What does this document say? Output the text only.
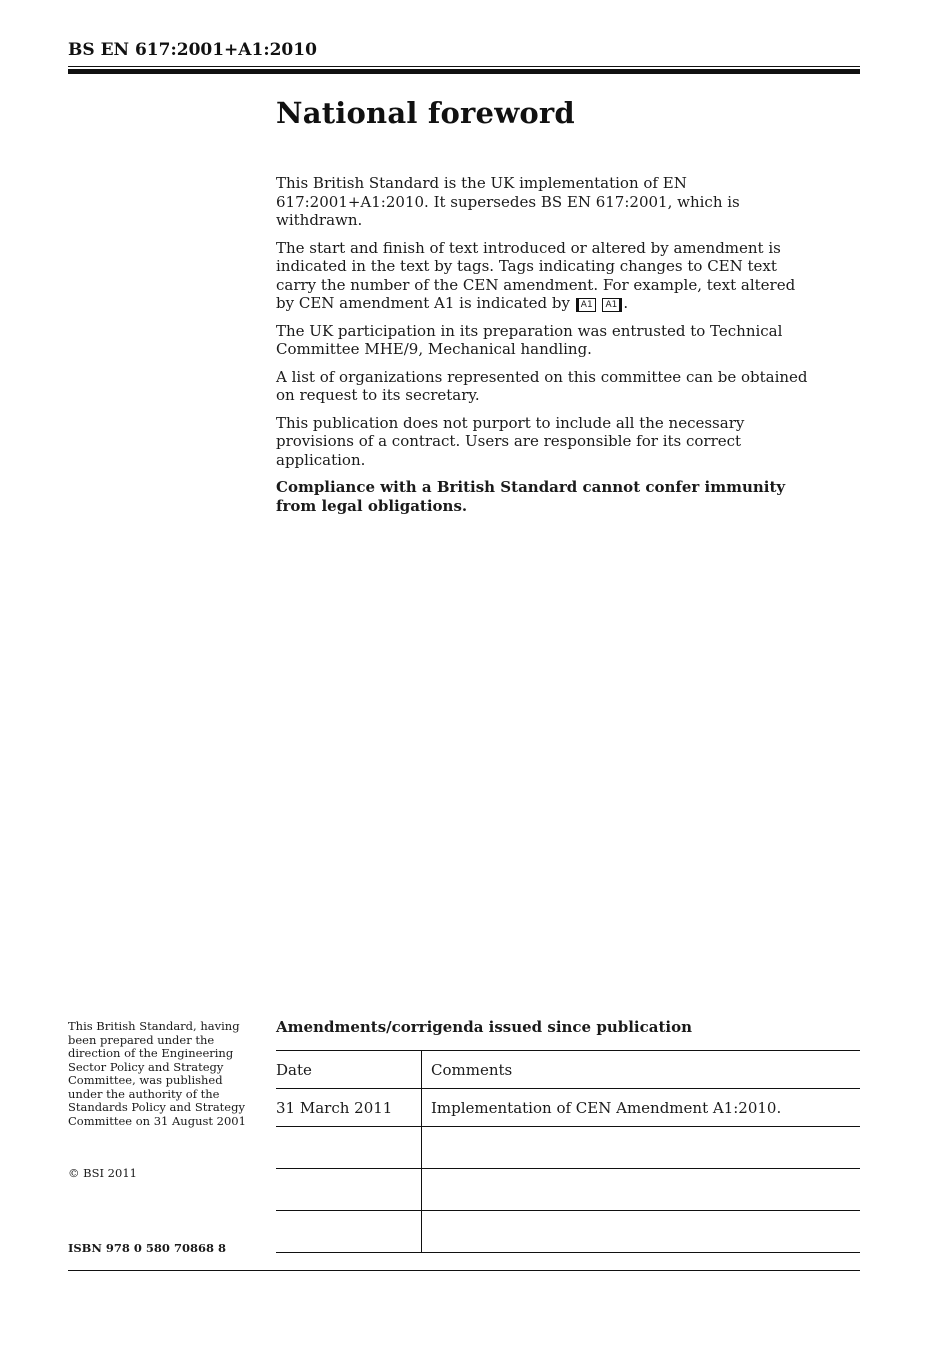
BS EN 617:2001+A1:2010
National foreword

This British Standard is the UK implementation of EN 617:2001+A1:2010. It supersedes BS EN 617:2001, which is withdrawn.

The start and finish of text introduced or altered by amendment is indicated in the text by tags. Tags indicating changes to CEN text carry the number of the CEN amendment. For example, text altered by CEN amendment A1 is indicated by A1 A1 .

The UK participation in its preparation was entrusted to Technical Committee MHE/9, Mechanical handling.

A list of organizations represented on this committee can be obtained on request to its secretary.

This publication does not purport to include all the necessary provisions of a contract. Users are responsible for its correct application.

Compliance with a British Standard cannot confer immunity from legal obligations.

This British Standard, having been prepared under the direction of the Engineering Sector Policy and Strategy Committee, was published under the authority of the Standards Policy and Strategy Committee on 31 August 2001
© BSI 2011
ISBN 978 0 580 70868 8
Amendments/corrigenda issued since publication
Date	Comments
31 March 2011	Implementation of CEN Amendment A1:2010.
